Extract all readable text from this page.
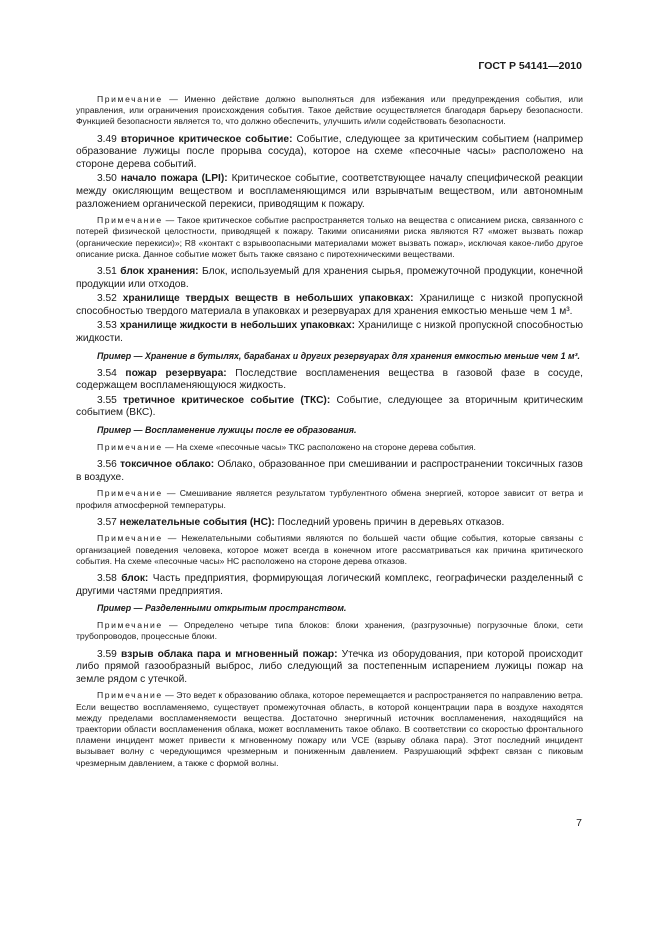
ГОСТ Р 54141—2010

Примечание — Именно действие должно выполняться для избежания или предупреждения события, или управления, или ограничения происхождения события. Такое действие осуществляется благодаря барьеру безопасности. Функцией безопасности является то, что должно обеспечить, улучшить и/или содействовать безопасности.

3.49 вторичное критическое событие: Событие, следующее за критическим событием (например образование лужицы после прорыва сосуда), которое на схеме «песочные часы» расположено на стороне дерева событий.

3.50 начало пожара (LPI): Критическое событие, соответствующее началу специфической реакции между окисляющим веществом и воспламеняющимся или взрывчатым веществом, или автономным разложением органической перекиси, приводящим к пожару.

Примечание — Такое критическое событие распространяется только на вещества с описанием риска, связанного с потерей физической целостности, приводящей к пожару. Такими описаниями риска являются R7 «может вызвать пожар (органические перекиси)»; R8 «контакт с взрывоопасными материалами может вызвать пожар», исключая какое-либо другое описание риска. Данное событие может быть также связано с пиротехническими веществами.

3.51 блок хранения: Блок, используемый для хранения сырья, промежуточной продукции, конечной продукции или отходов.

3.52 хранилище твердых веществ в небольших упаковках: Хранилище с низкой пропускной способностью твердого материала в упаковках и резервуарах для хранения емкостью меньше чем 1 м³.

3.53 хранилище жидкости в небольших упаковках: Хранилище с низкой пропускной способностью жидкости.

Пример — Хранение в бутылях, барабанах и других резервуарах для хранения емкостью меньше чем 1 м³.

3.54 пожар резервуара: Последствие воспламенения вещества в газовой фазе в сосуде, содержащем воспламеняющуюся жидкость.

3.55 третичное критическое событие (ТКС): Событие, следующее за вторичным критическим событием (ВКС).

Пример — Воспламенение лужицы после ее образования.

Примечание — На схеме «песочные часы» ТКС расположено на стороне дерева события.

3.56 токсичное облако: Облако, образованное при смешивании и распространении токсичных газов в воздухе.

Примечание — Смешивание является результатом турбулентного обмена энергией, которое зависит от ветра и профиля атмосферной температуры.

3.57 нежелательные события (НС): Последний уровень причин в деревьях отказов.

Примечание — Нежелательными событиями являются по большей части общие события, которые связаны с организацией поведения человека, которое может всегда в конечном итоге рассматриваться как причина критического события. На схеме «песочные часы» НС расположено на стороне дерева отказов.

3.58 блок: Часть предприятия, формирующая логический комплекс, географически разделенный с другими частями предприятия.

Пример — Разделенными открытым пространством.

Примечание — Определено четыре типа блоков: блоки хранения, (разгрузочные) погрузочные блоки, сети трубопроводов, процессные блоки.

3.59 взрыв облака пара и мгновенный пожар: Утечка из оборудования, при которой происходит либо прямой газообразный выброс, либо следующий за постепенным испарением лужицы пожар на земле рядом с утечкой.

Примечание — Это ведет к образованию облака, которое перемещается и распространяется по направлению ветра. Если вещество воспламеняемо, существует промежуточная область, в которой концентрации пара в воздухе находятся между пределами воспламеняемости вещества. Достаточно энергичный источник воспламенения, находящийся на траектории области воспламенения облака, может воспламенить такое облако. В соответствии со скоростью фронтального пламени инцидент может привести к мгновенному пожару или VCE (взрыву облака пара). Этот последний инцидент вызывает волну с чередующимся чрезмерным и пониженным давлением. Разрушающий эффект связан с пиковым чрезмерным давлением, а также с формой волны.

7
